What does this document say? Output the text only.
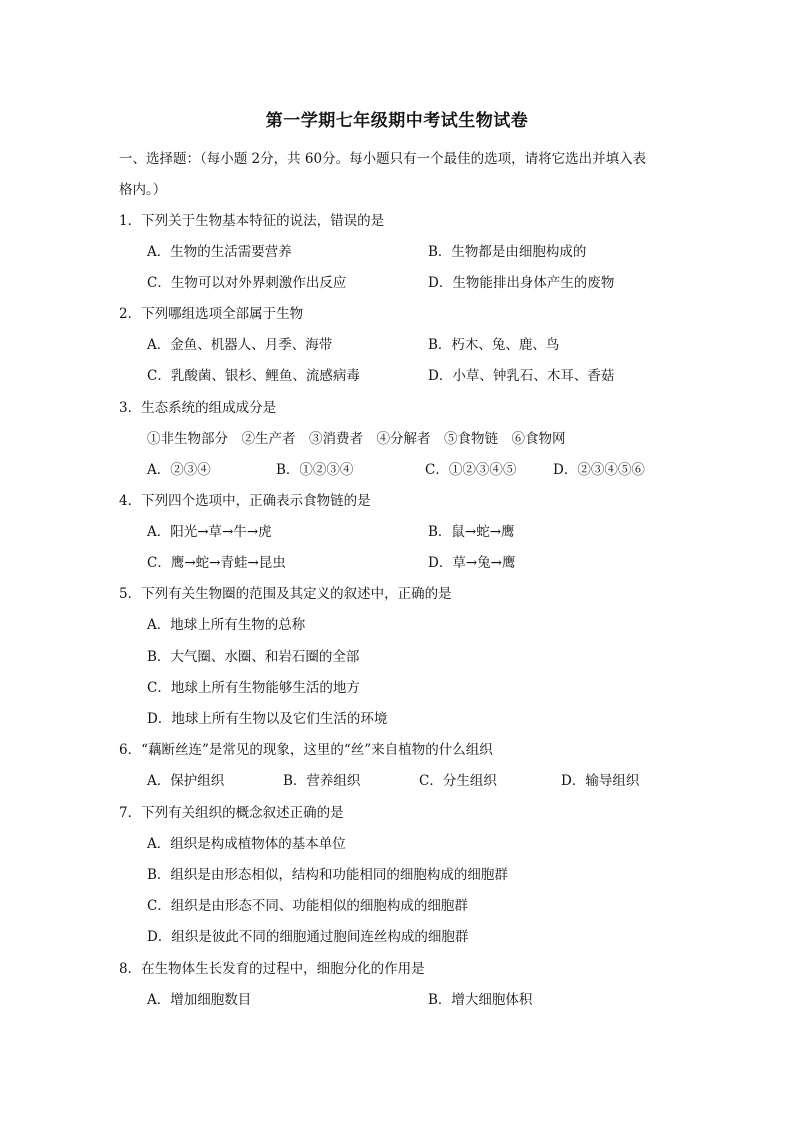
第一学期七年级期中考试生物试卷
一、选择题：（每小题 2分，共 60分。每小题只有一个最佳的选项，请将它选出并填入表
格内。）
1．下列关于生物基本特征的说法，错误的是
A．生物的生活需要营养	B．生物都是由细胞构成的
C．生物可以对外界刺激作出反应	D．生物能排出身体产生的废物
2．下列哪组选项全部属于生物
A．金鱼、机器人、月季、海带	B．朽木、兔、鹿、鸟
C．乳酸菌、银杉、鲤鱼、流感病毒	D．小草、钟乳石、木耳、香菇
3．生态系统的组成成分是
①非生物部分　②生产者　③消费者　④分解者　⑤食物链　⑥食物网
A．②③④	B．①②③④	C．①②③④⑤	D．②③④⑤⑥
4．下列四个选项中，正确表示食物链的是
A．阳光→草→牛→虎	B．鼠→蛇→鹰
C．鹰→蛇→青蛙→昆虫	D．草→兔→鹰
5．下列有关生物圈的范围及其定义的叙述中，正确的是
A．地球上所有生物的总称
B．大气圈、水圈、和岩石圈的全部
C．地球上所有生物能够生活的地方
D．地球上所有生物以及它们生活的环境
6．“藕断丝连”是常见的现象，这里的“丝”来自植物的什么组织
A．保护组织	B．营养组织	C．分生组织	D．输导组织
7．下列有关组织的概念叙述正确的是
A．组织是构成植物体的基本单位
B．组织是由形态相似，结构和功能相同的细胞构成的细胞群
C．组织是由形态不同、功能相似的细胞构成的细胞群
D．组织是彼此不同的细胞通过胞间连丝构成的细胞群
8．在生物体生长发育的过程中，细胞分化的作用是
A．增加细胞数目	B．增大细胞体积
